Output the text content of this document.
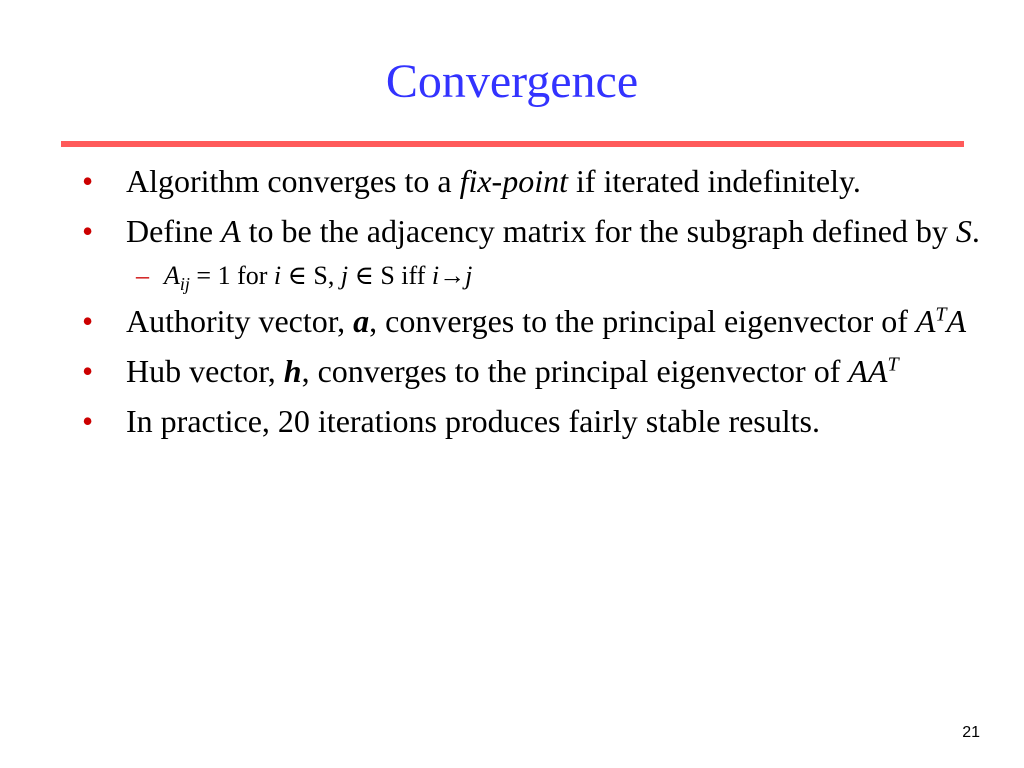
Convergence
• Algorithm converges to a fix-point if iterated indefinitely.
• Define A to be the adjacency matrix for the subgraph defined by S.
– $A_{ij} = 1$ for i ∈ S, j ∈ S iff i→j
• Authority vector, a, converges to the principal eigenvector of $A^TA$
• Hub vector, h, converges to the principal eigenvector of $AA^T$
• In practice, 20 iterations produces fairly stable results.
21
